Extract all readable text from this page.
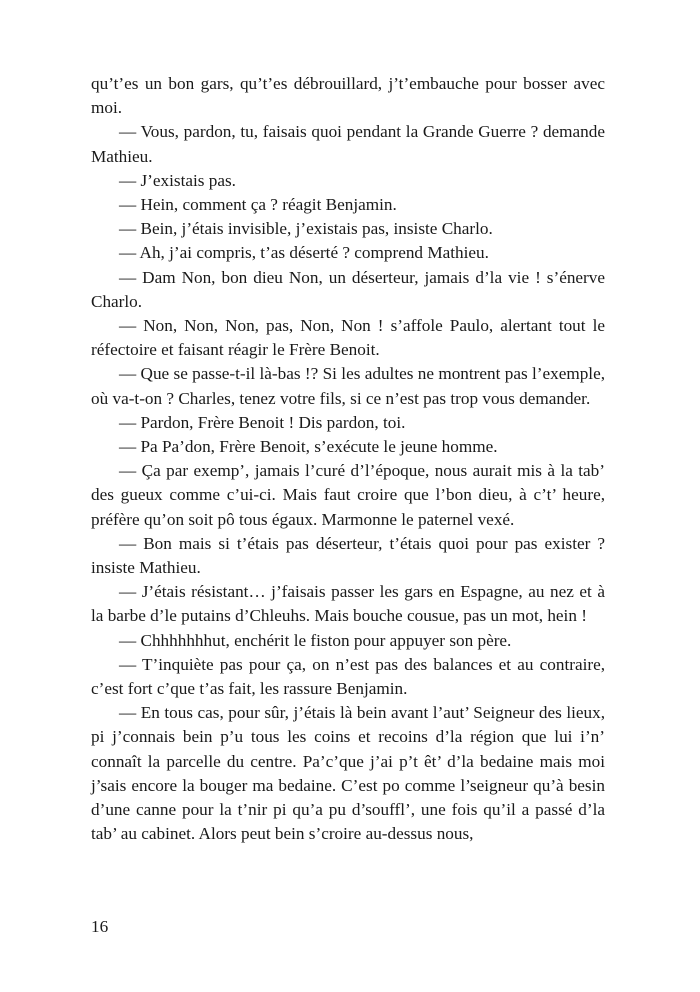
qu’t’es un bon gars, qu’t’es débrouillard, j’t’embauche pour bosser avec moi.

— Vous, pardon, tu, faisais quoi pendant la Grande Guerre ? demande Mathieu.

— J’existais pas.

— Hein, comment ça ? réagit Benjamin.

— Bein, j’étais invisible, j’existais pas, insiste Charlo.

— Ah, j’ai compris, t’as déserté ? comprend Mathieu.

— Dam Non, bon dieu Non, un déserteur, jamais d’la vie ! s’énerve Charlo.

— Non, Non, Non, pas, Non, Non ! s’affole Paulo, alertant tout le réfectoire et faisant réagir le Frère Benoit.

— Que se passe-t-il là-bas !? Si les adultes ne montrent pas l’exemple, où va-t-on ? Charles, tenez votre fils, si ce n’est pas trop vous demander.

— Pardon, Frère Benoit ! Dis pardon, toi.

— Pa Pa’don, Frère Benoit, s’exécute le jeune homme.

— Ça par exemp’, jamais l’curé d’l’époque, nous aurait mis à la tab’ des gueux comme c’ui-ci. Mais faut croire que l’bon dieu, à c’t’ heure, préfère qu’on soit pô tous égaux. Marmonne le paternel vexé.

— Bon mais si t’étais pas déserteur, t’étais quoi pour pas exister ? insiste Mathieu.

— J’étais résistant… j’faisais passer les gars en Espagne, au nez et à la barbe d’le putains d’Chleuhs. Mais bouche cousue, pas un mot, hein !

— Chhhhhhhut, enchérit le fiston pour appuyer son père.

— T’inquiète pas pour ça, on n’est pas des balances et au contraire, c’est fort c’que t’as fait, les rassure Benjamin.

— En tous cas, pour sûr, j’étais là bein avant l’aut’ Seigneur des lieux, pi j’connais bein p’u tous les coins et recoins d’la région que lui i’n’ connaît la parcelle du centre. Pa’c’que j’ai p’t êt’ d’la bedaine mais moi j’sais encore la bouger ma bedaine. C’est po comme l’seigneur qu’à besin d’une canne pour la t’nir pi qu’a pu d’souffl’, une fois qu’il a passé d’la tab’ au cabinet. Alors peut bein s’croire au-dessus nous,

16
